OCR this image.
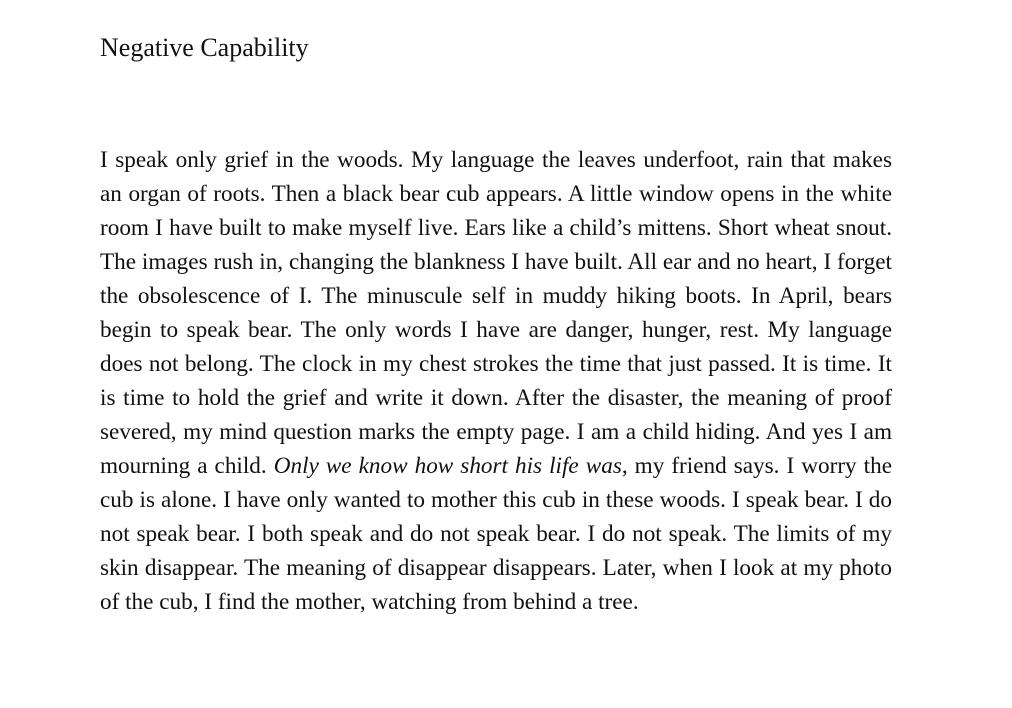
Negative Capability

I speak only grief in the woods. My language the leaves underfoot, rain that makes an organ of roots. Then a black bear cub appears. A little window opens in the white room I have built to make myself live. Ears like a child’s mittens. Short wheat snout. The images rush in, changing the blankness I have built. All ear and no heart, I forget the obsolescence of I. The minuscule self in muddy hiking boots. In April, bears begin to speak bear. The only words I have are danger, hunger, rest. My language does not belong. The clock in my chest strokes the time that just passed. It is time. It is time to hold the grief and write it down. After the disaster, the meaning of proof severed, my mind question marks the empty page. I am a child hiding. And yes I am mourning a child. Only we know how short his life was, my friend says. I worry the cub is alone. I have only wanted to mother this cub in these woods. I speak bear. I do not speak bear. I both speak and do not speak bear. I do not speak. The limits of my skin disappear. The meaning of disappear disappears. Later, when I look at my photo of the cub, I find the mother, watching from behind a tree.
